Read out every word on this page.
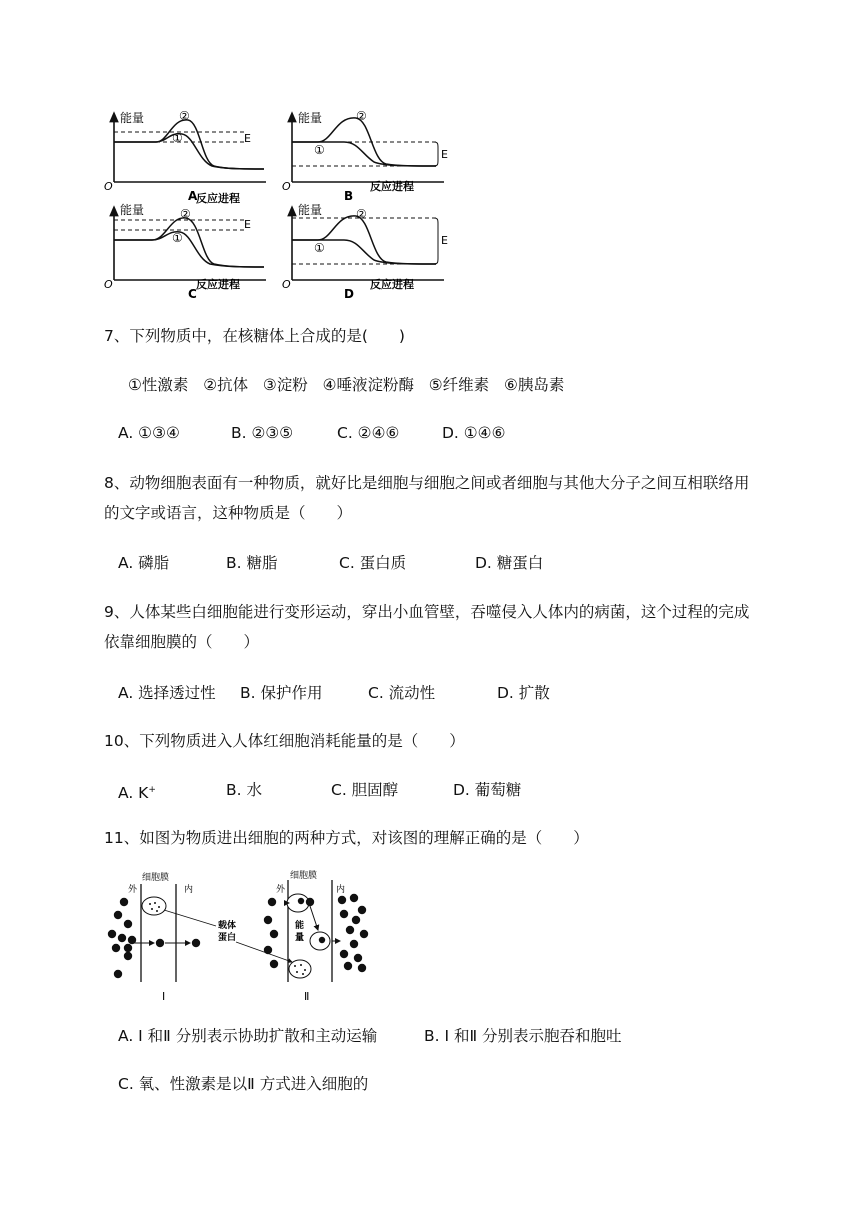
能量
O
②
①	E
反应进程
A
能量
O
②
①	E
反应进程
B
能量
O
②
①
E
反应进程
C
能量
O
②
①
E
反应进程
D
7、下列物质中，在核糖体上合成的是(　　)
①性激素 ②抗体 ③淀粉 ④唾液淀粉酶 ⑤纤维素 ⑥胰岛素
A. ①③④	B. ②③⑤	C. ②④⑥	D. ①④⑥
8、动物细胞表面有一种物质，就好比是细胞与细胞之间或者细胞与其他大分子之间互相联络用的文字或语言，这种物质是（　　）
A. 磷脂	B. 糖脂	C. 蛋白质	D. 糖蛋白
9、人体某些白细胞能进行变形运动，穿出小血管壁，吞噬侵入人体内的病菌，这个过程的完成依靠细胞膜的（　　）
A. 选择透过性 B. 保护作用	C. 流动性	D. 扩散
10、下列物质进入人体红细胞消耗能量的是（　　）
A. K+	B. 水	C. 胆固醇	D. 葡萄糖
11、如图为物质进出细胞的两种方式，对该图的理解正确的是（　　）
细胞膜
外	内
Ⅰ
载体
蛋白
细胞膜
外	内
能
量
Ⅱ
A. Ⅰ 和Ⅱ 分别表示协助扩散和主动运输	B. Ⅰ 和Ⅱ 分别表示胞吞和胞吐
C. 氧、性激素是以Ⅱ 方式进入细胞的
